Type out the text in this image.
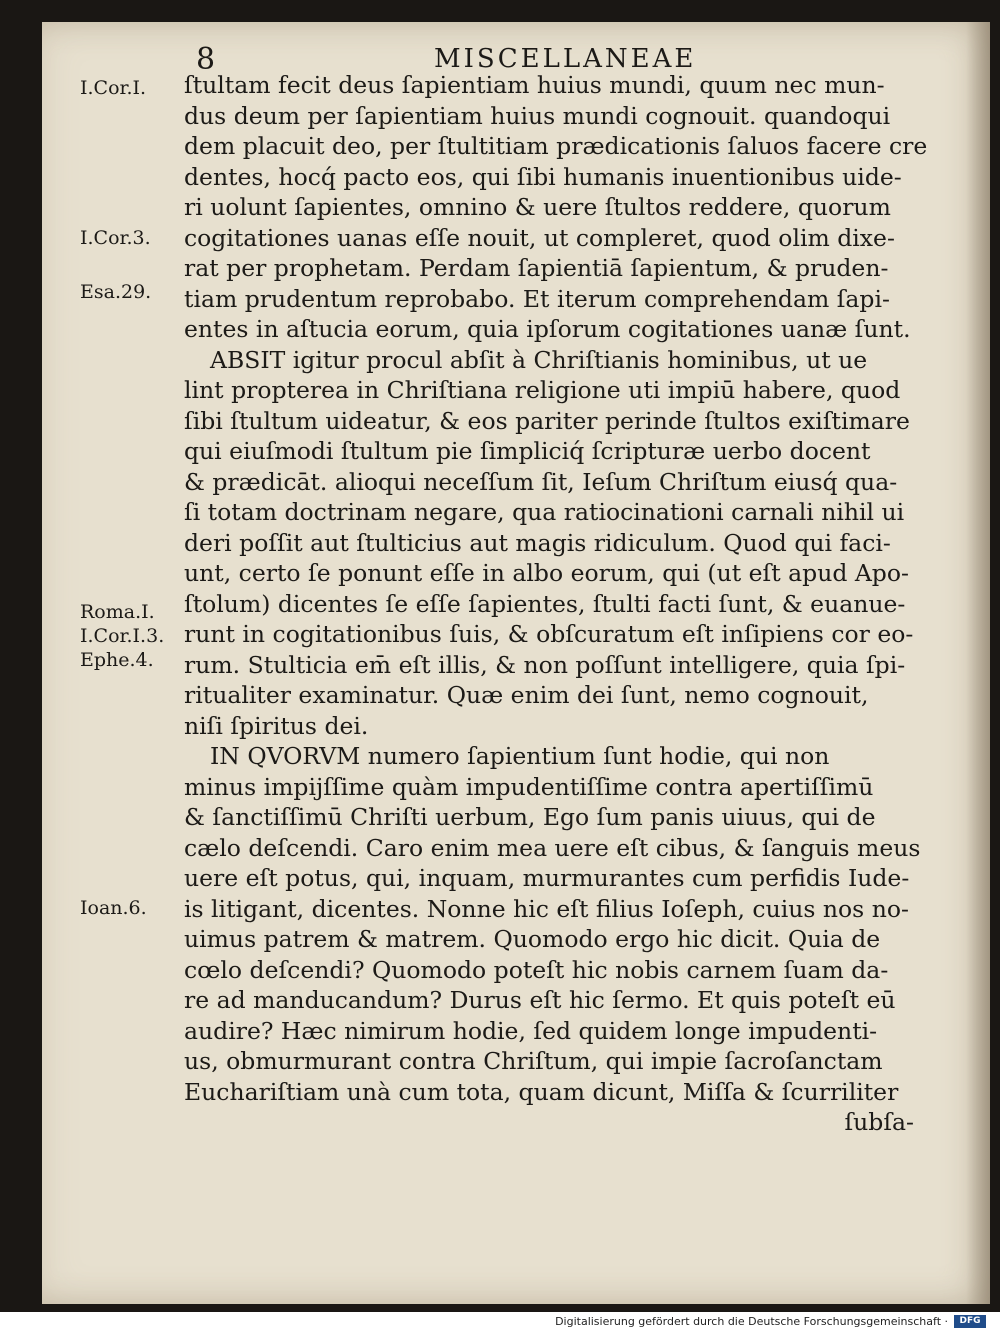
8	MISCELLANEAE
I.Cor.I.
I.Cor.3.
Esa.29.
Roma.I.
I.Cor.I.3.
Ephe.4.
Ioan.6.
ſtultam fecit deus ſapientiam huius mundi, quum nec mun-
dus deum per ſapientiam huius mundi cognouit. quandoqui
dem placuit deo, per ſtultitiam prædicationis ſaluos facere cre
dentes, hocq́ pacto eos, qui ſibi humanis inuentionibus uide-
ri uolunt ſapientes, omnino & uere ſtultos reddere, quorum
cogitationes uanas eſſe nouit, ut compleret, quod olim dixe-
rat per prophetam. Perdam ſapientiā ſapientum, & pruden-
tiam prudentum reprobabo. Et iterum comprehendam ſapi-
entes in aſtucia eorum, quia ipſorum cogitationes uanæ ſunt.
ABSIT igitur procul abſit à Chriſtianis hominibus, ut ue
lint propterea in Chriſtiana religione uti impiū habere, quod
ſibi ſtultum uideatur, & eos pariter perinde ſtultos exiſtimare
qui eiuſmodi ſtultum pie ſimpliciq́ ſcripturæ uerbo docent
& prædicāt. alioqui neceſſum ſit, Ieſum Chriſtum eiusq́ qua-
ſi totam doctrinam negare, qua ratiocinationi carnali nihil ui
deri poſſit aut ſtulticius aut magis ridiculum. Quod qui faci-
unt, certo ſe ponunt eſſe in albo eorum, qui (ut eſt apud Apo-
ſtolum) dicentes ſe eſſe ſapientes, ſtulti facti ſunt, & euanue-
runt in cogitationibus ſuis, & obſcuratum eſt inſipiens cor eo-
rum. Stulticia em̄ eſt illis, & non poſſunt intelligere, quia ſpi-
ritualiter examinatur. Quæ enim dei ſunt, nemo cognouit,
niſi ſpiritus dei.
IN QVORVM numero ſapientium ſunt hodie, qui non
minus impijſſime quàm impudentiſſime contra apertiſſimū
& ſanctiſſimū Chriſti uerbum, Ego ſum panis uiuus, qui de
cælo deſcendi. Caro enim mea uere eſt cibus, & ſanguis meus
uere eſt potus, qui, inquam, murmurantes cum perfidis Iude-
is litigant, dicentes. Nonne hic eſt filius Ioſeph, cuius nos no-
uimus patrem & matrem. Quomodo ergo hic dicit. Quia de
cœlo deſcendi? Quomodo poteſt hic nobis carnem ſuam da-
re ad manducandum? Durus eſt hic ſermo. Et quis poteſt eū
audire? Hæc nimirum hodie, ſed quidem longe impudenti-
us, obmurmurant contra Chriſtum, qui impie ſacroſanctam
Euchariſtiam unà cum tota, quam dicunt, Miſſa & ſcurriliter
ſubſa-
Digitalisierung gefördert durch die Deutsche Forschungsgemeinschaft ·	DFG
